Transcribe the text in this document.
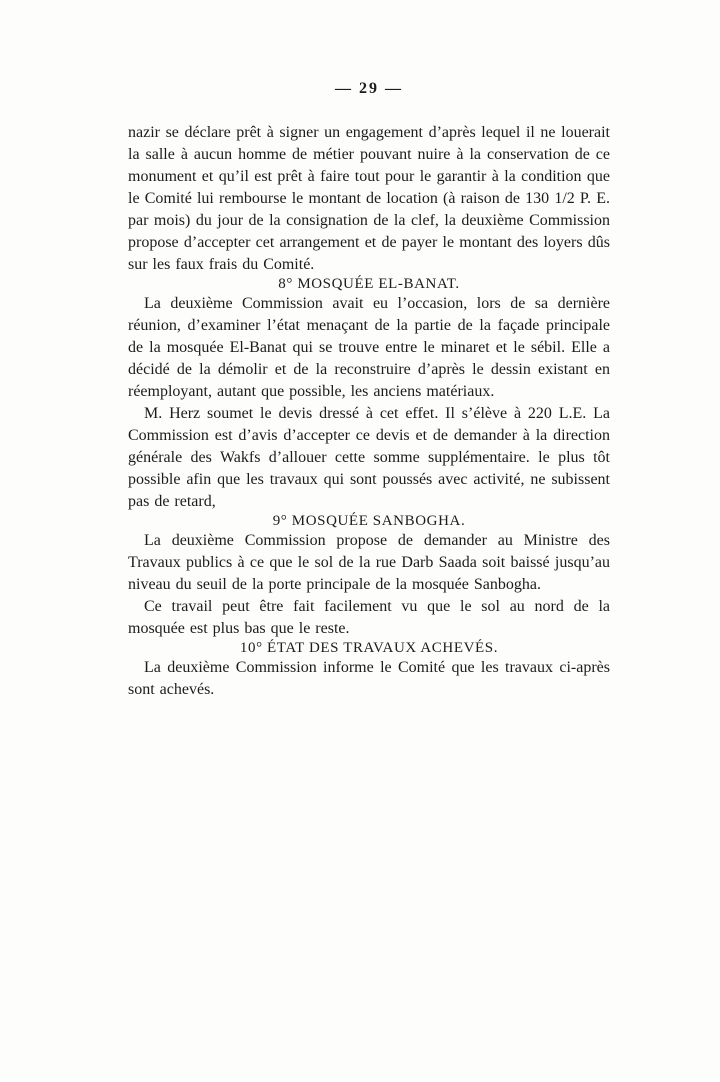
— 29 —

nazir se déclare prêt à signer un engagement d’après lequel il ne louerait la salle à aucun homme de métier pouvant nuire à la conservation de ce monument et qu’il est prêt à faire tout pour le garantir à la condition que le Comité lui rembourse le montant de location (à raison de 130 1/2 P. E. par mois) du jour de la consignation de la clef, la deuxième Commission propose d’accepter cet arrangement et de payer le montant des loyers dûs sur les faux frais du Comité.

8° MOSQUÉE EL-BANAT.

La deuxième Commission avait eu l’occasion, lors de sa dernière réunion, d’examiner l’état menaçant de la partie de la façade principale de la mosquée El-Banat qui se trouve entre le minaret et le sébil. Elle a décidé de la démolir et de la reconstruire d’après le dessin existant en réemployant, autant que possible, les anciens matériaux.

M. Herz soumet le devis dressé à cet effet. Il s’élève à 220 L.E. La Commission est d’avis d’accepter ce devis et de demander à la direction générale des Wakfs d’allouer cette somme supplémentaire. le plus tôt possible afin que les travaux qui sont poussés avec activité, ne subissent pas de retard,

9° MOSQUÉE SANBOGHA.

La deuxième Commission propose de demander au Ministre des Travaux publics à ce que le sol de la rue Darb Saada soit baissé jusqu’au niveau du seuil de la porte principale de la mosquée Sanbogha.

Ce travail peut être fait facilement vu que le sol au nord de la mosquée est plus bas que le reste.

10° ÉTAT DES TRAVAUX ACHEVÉS.

La deuxième Commission informe le Comité que les travaux ci-après sont achevés.
